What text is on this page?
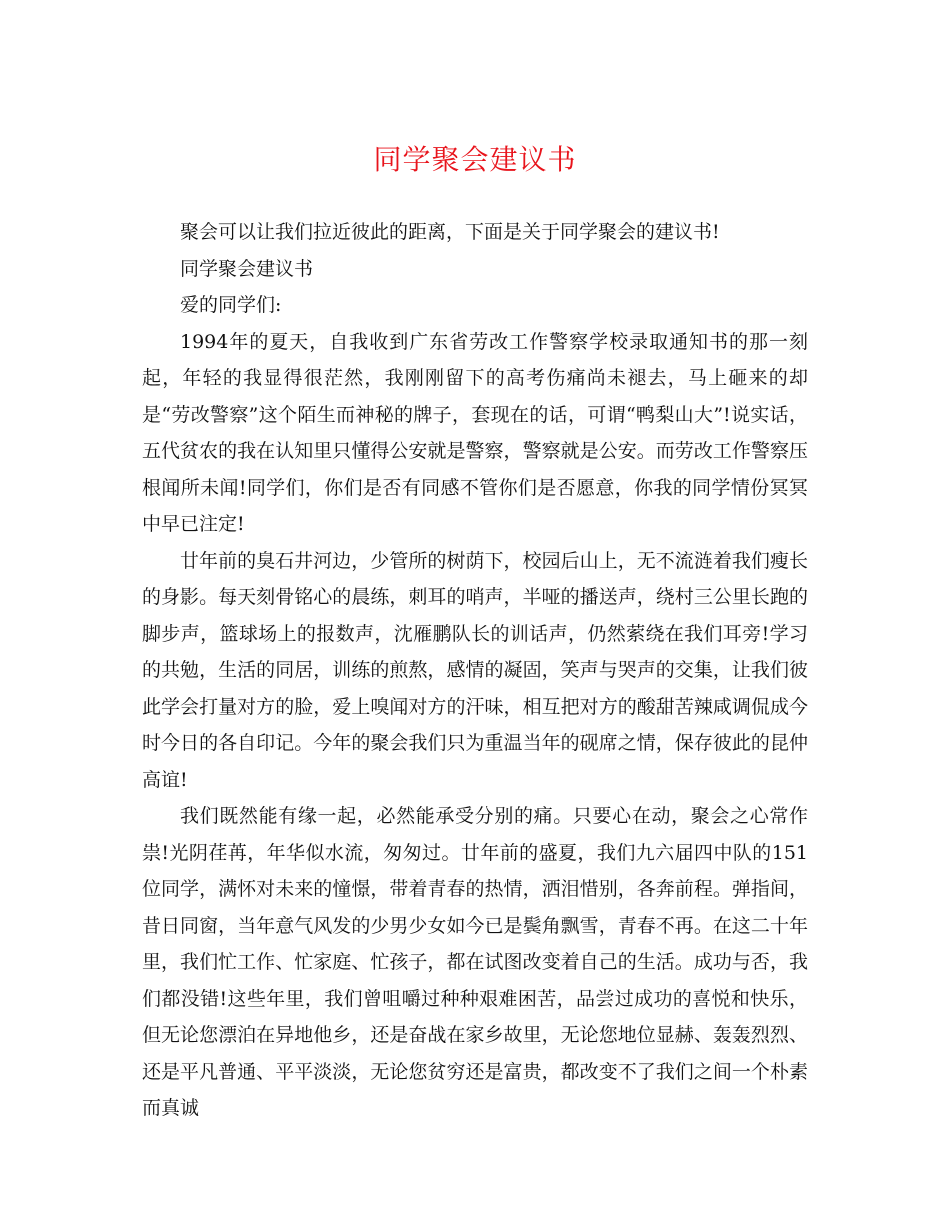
同学聚会建议书

聚会可以让我们拉近彼此的距离，下面是关于同学聚会的建议书!

同学聚会建议书

爱的同学们:

1994年的夏天，自我收到广东省劳改工作警察学校录取通知书的那一刻起，年轻的我显得很茫然，我刚刚留下的高考伤痛尚未褪去，马上砸来的却是“劳改警察”这个陌生而神秘的牌子，套现在的话，可谓“鸭梨山大”!说实话，五代贫农的我在认知里只懂得公安就是警察，警察就是公安。而劳改工作警察压根闻所未闻!同学们，你们是否有同感不管你们是否愿意，你我的同学情份冥冥中早已注定!

廿年前的臭石井河边，少管所的树荫下，校园后山上，无不流涟着我们瘦长的身影。每天刻骨铭心的晨练，刺耳的哨声，半哑的播送声，绕村三公里长跑的脚步声，篮球场上的报数声，沈雁鹏队长的训话声，仍然萦绕在我们耳旁!学习的共勉，生活的同居，训练的煎熬，感情的凝固，笑声与哭声的交集，让我们彼此学会打量对方的脸，爱上嗅闻对方的汗味，相互把对方的酸甜苦辣咸调侃成今时今日的各自印记。今年的聚会我们只为重温当年的砚席之情，保存彼此的昆仲高谊!

我们既然能有缘一起，必然能承受分别的痛。只要心在动，聚会之心常作祟!光阴荏苒，年华似水流，匆匆过。廿年前的盛夏，我们九六届四中队的151位同学，满怀对未来的憧憬，带着青春的热情，洒泪惜别，各奔前程。弹指间，昔日同窗，当年意气风发的少男少女如今已是鬓角飘雪，青春不再。在这二十年里，我们忙工作、忙家庭、忙孩子，都在试图改变着自己的生活。成功与否，我们都没错!这些年里，我们曾咀嚼过种种艰难困苦，品尝过成功的喜悦和快乐，但无论您漂泊在异地他乡，还是奋战在家乡故里，无论您地位显赫、轰轰烈烈、还是平凡普通、平平淡淡，无论您贫穷还是富贵，都改变不了我们之间一个朴素而真诚
